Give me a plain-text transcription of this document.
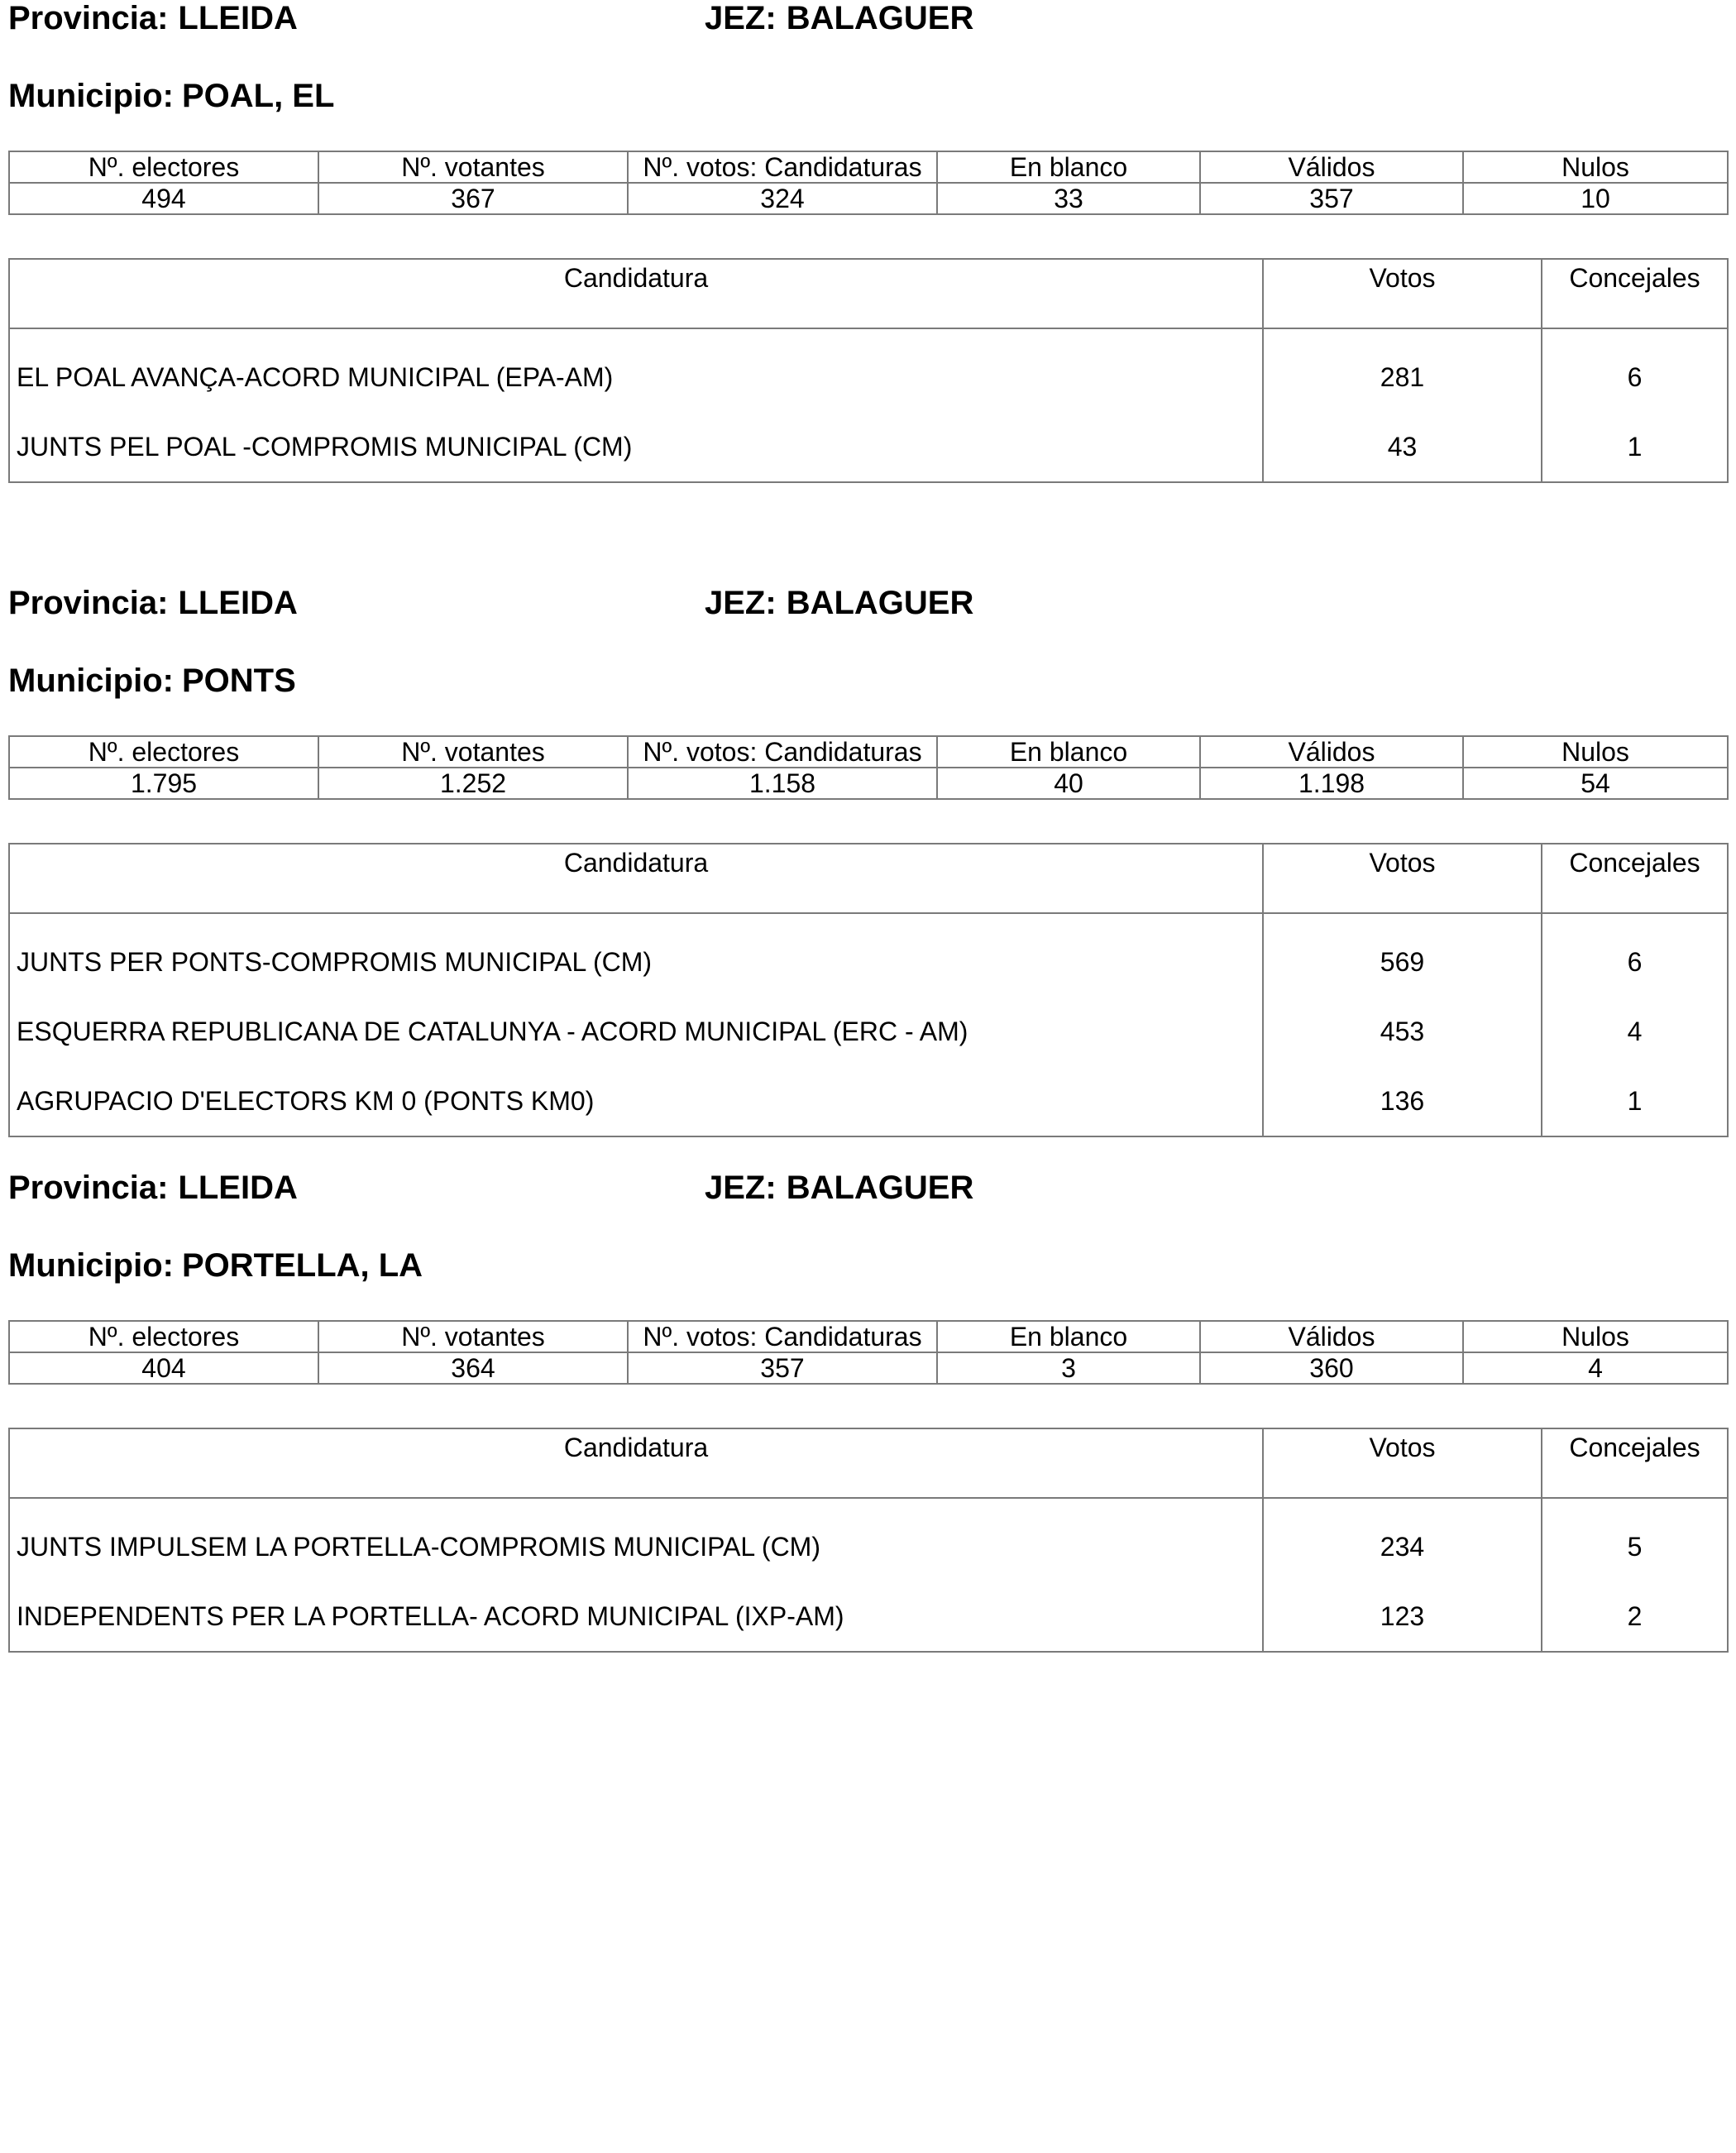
Provincia: LLEIDA	JEZ: BALAGUER
Municipio: POAL, EL
Nº. electores	Nº. votantes	Nº. votos: Candidaturas	En blanco	Válidos	Nulos
494	367	324	33	357	10
Candidatura	Votos	Concejales
EL POAL AVANÇA-ACORD MUNICIPAL (EPA-AM)	281	6
JUNTS PEL POAL -COMPROMIS MUNICIPAL (CM)	43	1
Provincia: LLEIDA	JEZ: BALAGUER
Municipio: PONTS
Nº. electores	Nº. votantes	Nº. votos: Candidaturas	En blanco	Válidos	Nulos
1.795	1.252	1.158	40	1.198	54
Candidatura	Votos	Concejales
JUNTS PER PONTS-COMPROMIS MUNICIPAL (CM)	569	6
ESQUERRA REPUBLICANA DE CATALUNYA - ACORD MUNICIPAL (ERC - AM)	453	4
AGRUPACIO D'ELECTORS KM 0 (PONTS KM0)	136	1
Provincia: LLEIDA	JEZ: BALAGUER
Municipio: PORTELLA, LA
Nº. electores	Nº. votantes	Nº. votos: Candidaturas	En blanco	Válidos	Nulos
404	364	357	3	360	4
Candidatura	Votos	Concejales
JUNTS IMPULSEM LA PORTELLA-COMPROMIS MUNICIPAL (CM)	234	5
INDEPENDENTS PER LA PORTELLA- ACORD MUNICIPAL (IXP-AM)	123	2
